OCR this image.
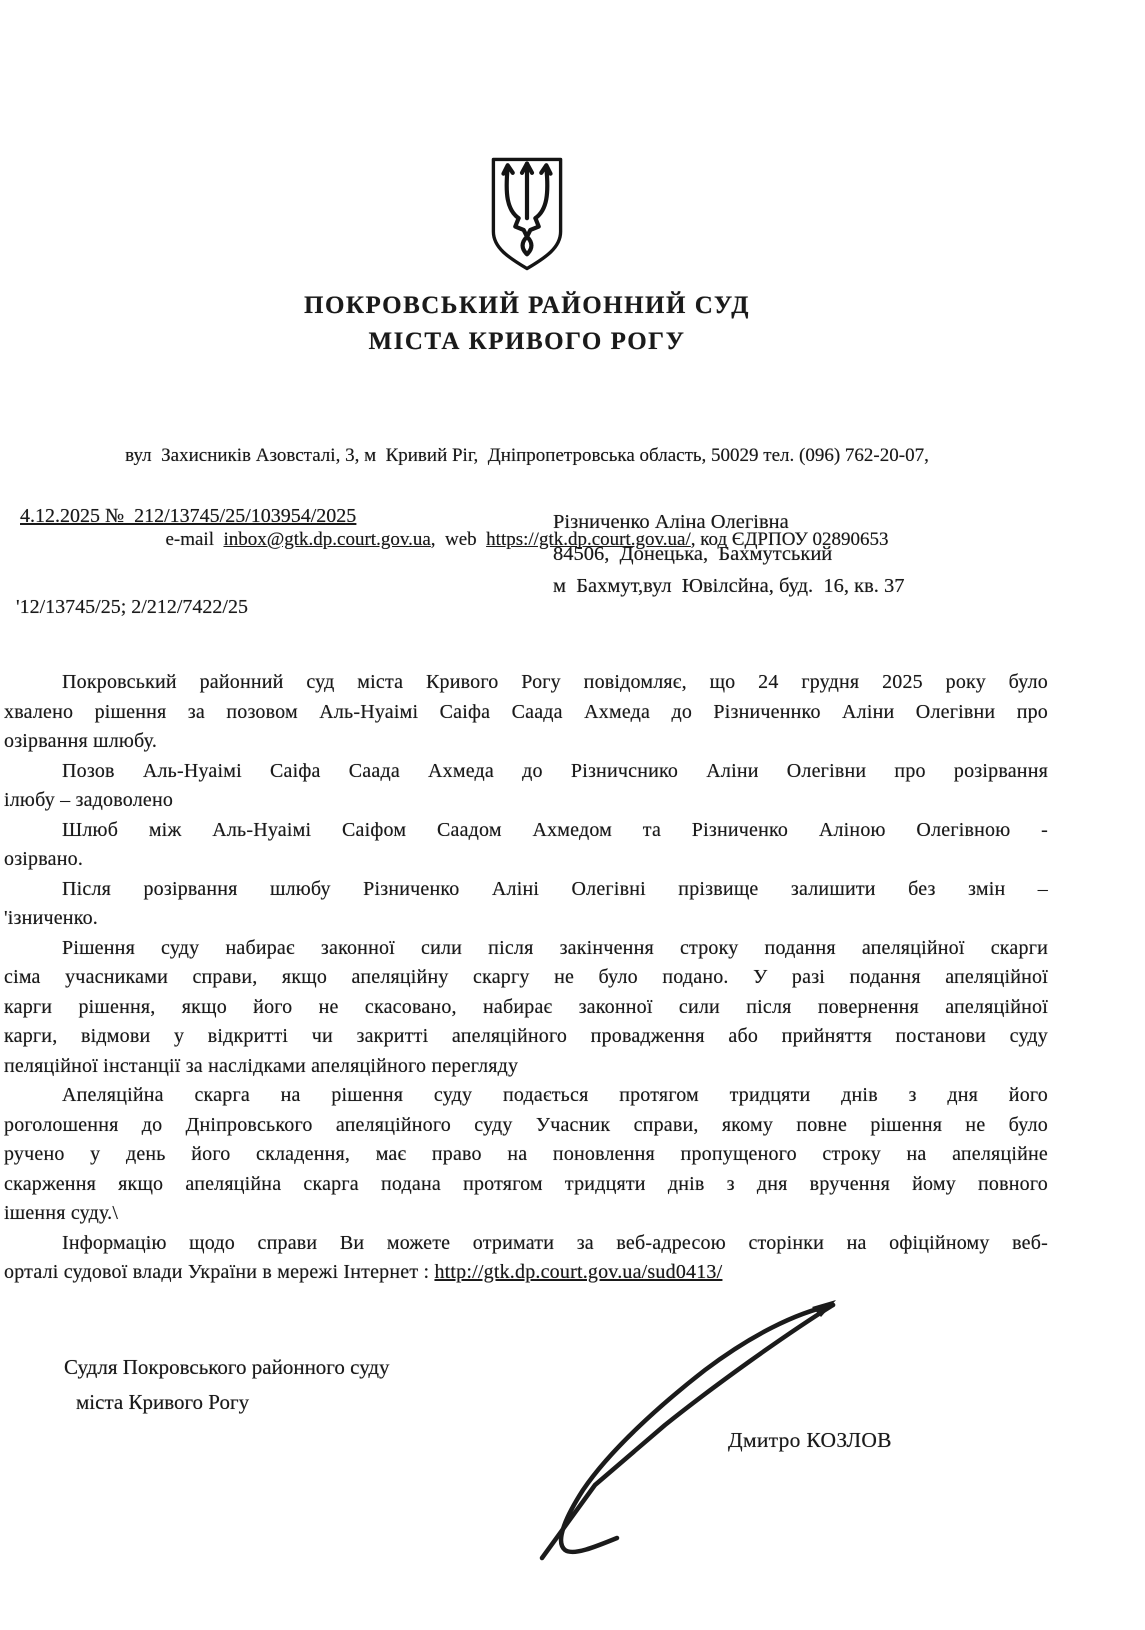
ПОКРОВСЬКИЙ РАЙОННИЙ СУД
МІСТА КРИВОГО РОГУ

вул  Захисників Азовсталі, 3, м  Кривий Ріг,  Дніпропетровська область, 50029 тел. (096) 762-20-07,

e-mail  inbox@gtk.dp.court.gov.ua,  web  https://gtk.dp.court.gov.ua/, код ЄДРПОУ 02890653

4.12.2025 №  212/13745/25/103954/2025	Різниченко Аліна Олегівна
84506,  Донецька,  Бахмутський
м  Бахмут,вул  Ювілсйна, буд.  16, кв. 37
'12/13745/25; 2/212/7422/25
Покровський районний суд міста Кривого Рогу повідомляє, що 24 грудня 2025 року було
хвалено рішення за позовом Аль-Нуаімі Саіфа Саада Ахмеда до Різниченнко Аліни Олегівни про
озірвання шлюбу.
Позов Аль-Нуаімі Саіфа Саада Ахмеда до Різничснико Аліни Олегівни про розірвання
ілюбу – задоволено
Шлюб між Аль-Нуаімі Саіфом Саадом Ахмедом та Різниченко Аліною Олегівною -
озірвано.
Після розірвання шлюбу Різниченко Аліні Олегівні прізвище залишити без змін –
'ізниченко.
Рішення суду набирає законної сили після закінчення строку подання апеляційної скарги
сіма учасниками справи, якщо апеляційну скаргу не було подано. У разі подання апеляційної
карги рішення, якщо його не скасовано, набирає законної сили після повернення апеляційної
карги, відмови у відкритті чи закритті апеляційного провадження або прийняття постанови суду
пеляційної інстанції за наслідками апеляційного перегляду
Апеляційна скарга на рішення суду подається протягом тридцяти днів з дня його
роголошення до Дніпровського апеляційного суду Учасник справи, якому повне рішення не було
ручено у день його складення, має право на поновлення пропущеного строку на апеляційне
скарження якщо апеляційна скарга подана протягом тридцяти днів з дня вручення йому повного
ішення суду.\
Інформацію щодо справи Ви можете отримати за веб-адресою сторінки на офіційному веб-
орталі судової влади України в мережі Інтернет : http://gtk.dp.court.gov.ua/sud0413/
Судля Покровського районного суду
міста Кривого Рогу
Дмитро КОЗЛОВ
